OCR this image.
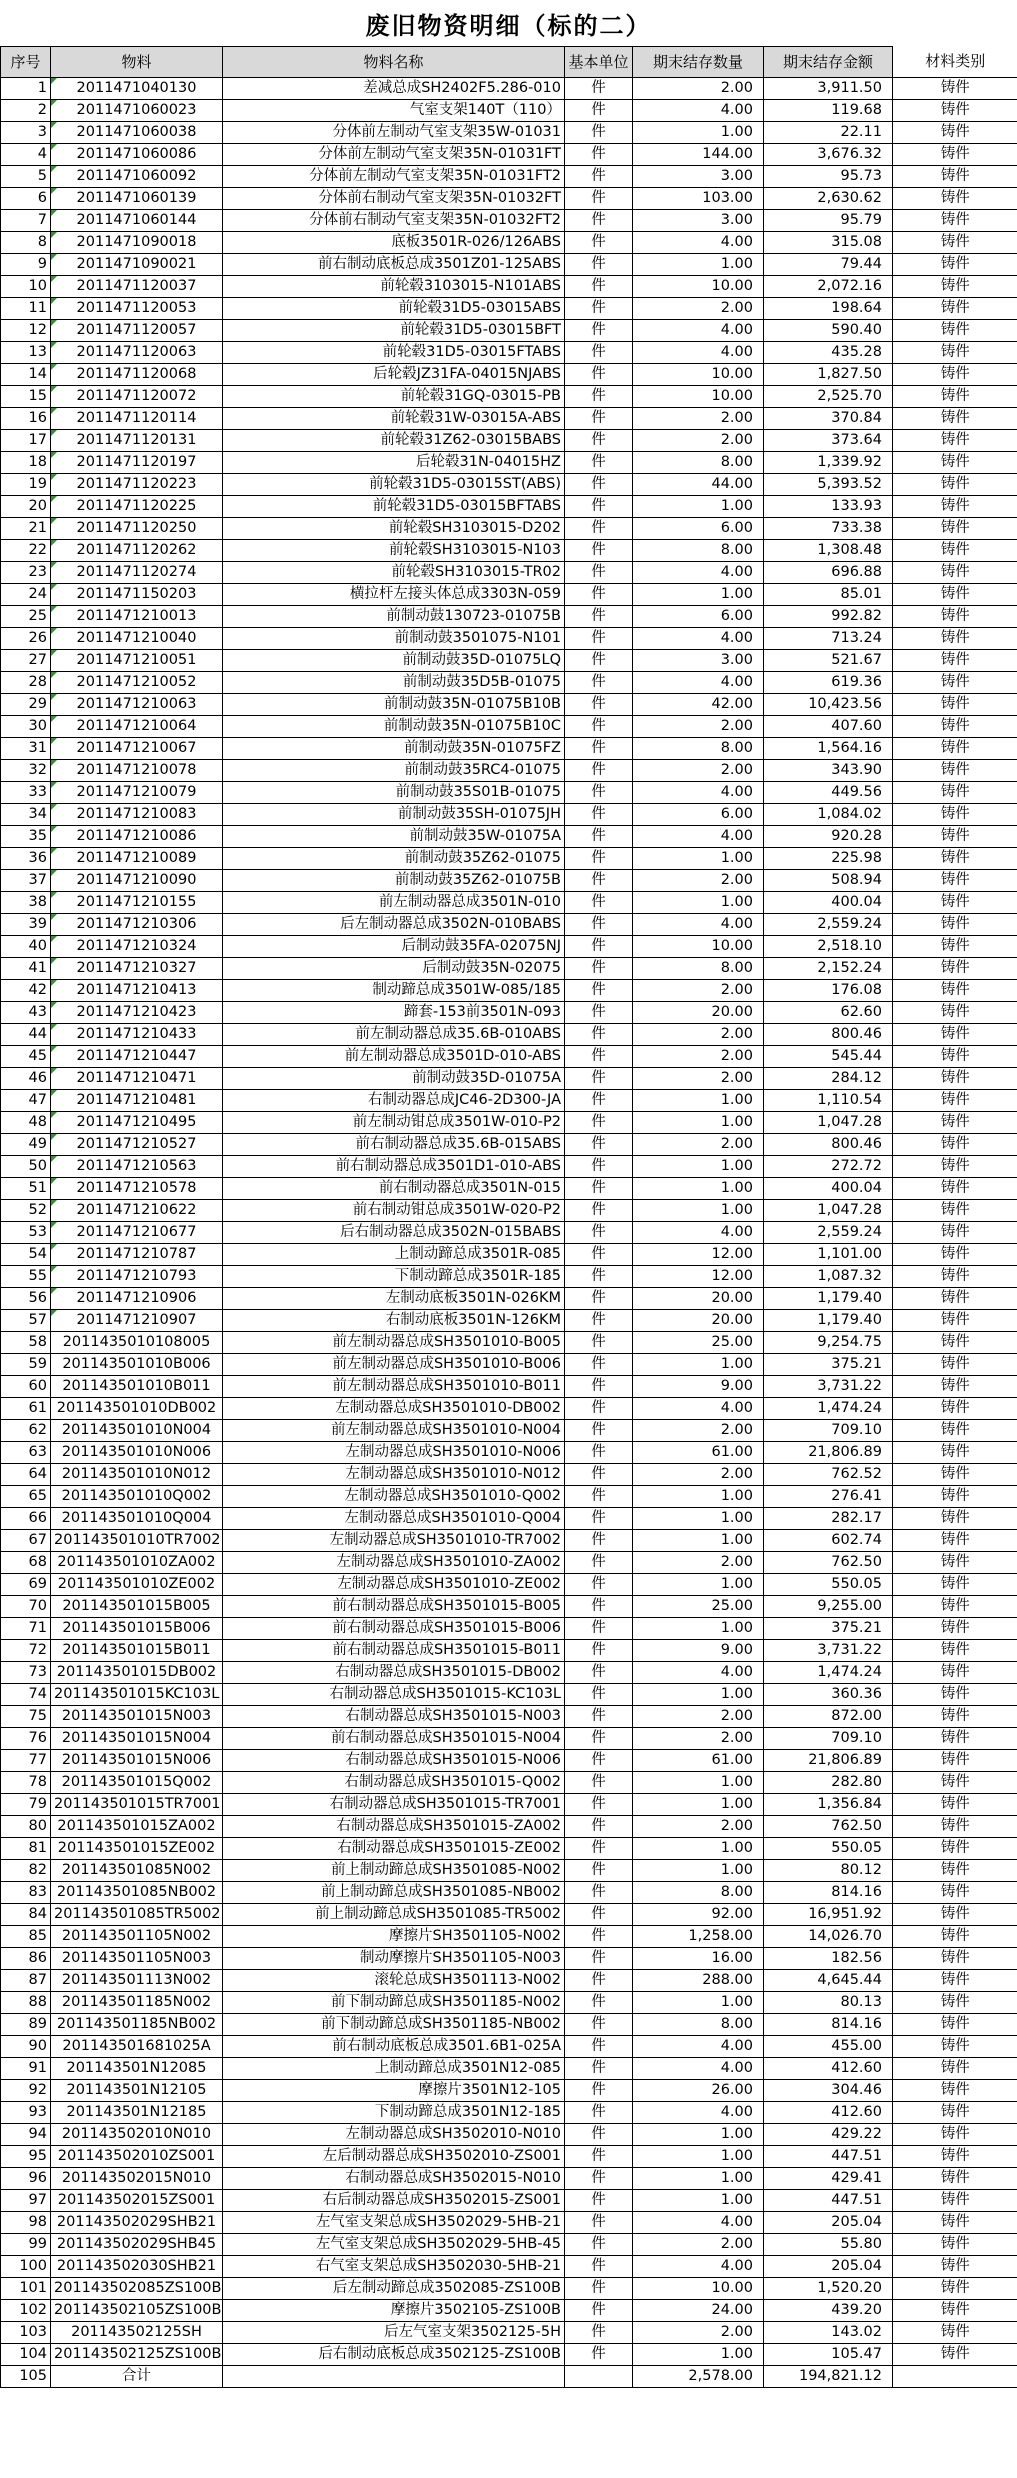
废旧物资明细（标的二）
序号	物料	物料名称	基本单位	期末结存数量	期末结存金额	材料类别
1	2011471040130	差减总成SH2402F5.286-010	件	2.00	3,911.50	铸件
2	2011471060023	气室支架140T（110）	件	4.00	119.68	铸件
3	2011471060038	分体前左制动气室支架35W-01031	件	1.00	22.11	铸件
4	2011471060086	分体前左制动气室支架35N-01031FT	件	144.00	3,676.32	铸件
5	2011471060092	分体前左制动气室支架35N-01031FT2	件	3.00	95.73	铸件
6	2011471060139	分体前右制动气室支架35N-01032FT	件	103.00	2,630.62	铸件
7	2011471060144	分体前右制动气室支架35N-01032FT2	件	3.00	95.79	铸件
8	2011471090018	底板3501R-026/126ABS	件	4.00	315.08	铸件
9	2011471090021	前右制动底板总成3501Z01-125ABS	件	1.00	79.44	铸件
10	2011471120037	前轮毂3103015-N101ABS	件	10.00	2,072.16	铸件
11	2011471120053	前轮毂31D5-03015ABS	件	2.00	198.64	铸件
12	2011471120057	前轮毂31D5-03015BFT	件	4.00	590.40	铸件
13	2011471120063	前轮毂31D5-03015FTABS	件	4.00	435.28	铸件
14	2011471120068	后轮毂JZ31FA-04015NJABS	件	10.00	1,827.50	铸件
15	2011471120072	前轮毂31GQ-03015-PB	件	10.00	2,525.70	铸件
16	2011471120114	前轮毂31W-03015A-ABS	件	2.00	370.84	铸件
17	2011471120131	前轮毂31Z62-03015BABS	件	2.00	373.64	铸件
18	2011471120197	后轮毂31N-04015HZ	件	8.00	1,339.92	铸件
19	2011471120223	前轮毂31D5-03015ST(ABS)	件	44.00	5,393.52	铸件
20	2011471120225	前轮毂31D5-03015BFTABS	件	1.00	133.93	铸件
21	2011471120250	前轮毂SH3103015-D202	件	6.00	733.38	铸件
22	2011471120262	前轮毂SH3103015-N103	件	8.00	1,308.48	铸件
23	2011471120274	前轮毂SH3103015-TR02	件	4.00	696.88	铸件
24	2011471150203	横拉杆左接头体总成3303N-059	件	1.00	85.01	铸件
25	2011471210013	前制动鼓130723-01075B	件	6.00	992.82	铸件
26	2011471210040	前制动鼓3501075-N101	件	4.00	713.24	铸件
27	2011471210051	前制动鼓35D-01075LQ	件	3.00	521.67	铸件
28	2011471210052	前制动鼓35D5B-01075	件	4.00	619.36	铸件
29	2011471210063	前制动鼓35N-01075B10B	件	42.00	10,423.56	铸件
30	2011471210064	前制动鼓35N-01075B10C	件	2.00	407.60	铸件
31	2011471210067	前制动鼓35N-01075FZ	件	8.00	1,564.16	铸件
32	2011471210078	前制动鼓35RC4-01075	件	2.00	343.90	铸件
33	2011471210079	前制动鼓35S01B-01075	件	4.00	449.56	铸件
34	2011471210083	前制动鼓35SH-01075JH	件	6.00	1,084.02	铸件
35	2011471210086	前制动鼓35W-01075A	件	4.00	920.28	铸件
36	2011471210089	前制动鼓35Z62-01075	件	1.00	225.98	铸件
37	2011471210090	前制动鼓35Z62-01075B	件	2.00	508.94	铸件
38	2011471210155	前左制动器总成3501N-010	件	1.00	400.04	铸件
39	2011471210306	后左制动器总成3502N-010BABS	件	4.00	2,559.24	铸件
40	2011471210324	后制动鼓35FA-02075NJ	件	10.00	2,518.10	铸件
41	2011471210327	后制动鼓35N-02075	件	8.00	2,152.24	铸件
42	2011471210413	制动蹄总成3501W-085/185	件	2.00	176.08	铸件
43	2011471210423	蹄套-153前3501N-093	件	20.00	62.60	铸件
44	2011471210433	前左制动器总成35.6B-010ABS	件	2.00	800.46	铸件
45	2011471210447	前左制动器总成3501D-010-ABS	件	2.00	545.44	铸件
46	2011471210471	前制动鼓35D-01075A	件	2.00	284.12	铸件
47	2011471210481	右制动器总成JC46-2D300-JA	件	1.00	1,110.54	铸件
48	2011471210495	前左制动钳总成3501W-010-P2	件	1.00	1,047.28	铸件
49	2011471210527	前右制动器总成35.6B-015ABS	件	2.00	800.46	铸件
50	2011471210563	前右制动器总成3501D1-010-ABS	件	1.00	272.72	铸件
51	2011471210578	前右制动器总成3501N-015	件	1.00	400.04	铸件
52	2011471210622	前右制动钳总成3501W-020-P2	件	1.00	1,047.28	铸件
53	2011471210677	后右制动器总成3502N-015BABS	件	4.00	2,559.24	铸件
54	2011471210787	上制动蹄总成3501R-085	件	12.00	1,101.00	铸件
55	2011471210793	下制动蹄总成3501R-185	件	12.00	1,087.32	铸件
56	2011471210906	左制动底板3501N-026KM	件	20.00	1,179.40	铸件
57	2011471210907	右制动底板3501N-126KM	件	20.00	1,179.40	铸件
58	2011435010108005	前左制动器总成SH3501010-B005	件	25.00	9,254.75	铸件
59	201143501010B006	前左制动器总成SH3501010-B006	件	1.00	375.21	铸件
60	201143501010B011	前左制动器总成SH3501010-B011	件	9.00	3,731.22	铸件
61	201143501010DB002	左制动器总成SH3501010-DB002	件	4.00	1,474.24	铸件
62	201143501010N004	前左制动器总成SH3501010-N004	件	2.00	709.10	铸件
63	201143501010N006	左制动器总成SH3501010-N006	件	61.00	21,806.89	铸件
64	201143501010N012	左制动器总成SH3501010-N012	件	2.00	762.52	铸件
65	201143501010Q002	左制动器总成SH3501010-Q002	件	1.00	276.41	铸件
66	201143501010Q004	左制动器总成SH3501010-Q004	件	1.00	282.17	铸件
67	201143501010TR7002	左制动器总成SH3501010-TR7002	件	1.00	602.74	铸件
68	201143501010ZA002	左制动器总成SH3501010-ZA002	件	2.00	762.50	铸件
69	201143501010ZE002	左制动器总成SH3501010-ZE002	件	1.00	550.05	铸件
70	201143501015B005	前右制动器总成SH3501015-B005	件	25.00	9,255.00	铸件
71	201143501015B006	前右制动器总成SH3501015-B006	件	1.00	375.21	铸件
72	201143501015B011	前右制动器总成SH3501015-B011	件	9.00	3,731.22	铸件
73	201143501015DB002	右制动器总成SH3501015-DB002	件	4.00	1,474.24	铸件
74	201143501015KC103L	右制动器总成SH3501015-KC103L	件	1.00	360.36	铸件
75	201143501015N003	右制动器总成SH3501015-N003	件	2.00	872.00	铸件
76	201143501015N004	前右制动器总成SH3501015-N004	件	2.00	709.10	铸件
77	201143501015N006	右制动器总成SH3501015-N006	件	61.00	21,806.89	铸件
78	201143501015Q002	右制动器总成SH3501015-Q002	件	1.00	282.80	铸件
79	201143501015TR7001	右制动器总成SH3501015-TR7001	件	1.00	1,356.84	铸件
80	201143501015ZA002	右制动器总成SH3501015-ZA002	件	2.00	762.50	铸件
81	201143501015ZE002	右制动器总成SH3501015-ZE002	件	1.00	550.05	铸件
82	201143501085N002	前上制动蹄总成SH3501085-N002	件	1.00	80.12	铸件
83	201143501085NB002	前上制动蹄总成SH3501085-NB002	件	8.00	814.16	铸件
84	201143501085TR5002	前上制动蹄总成SH3501085-TR5002	件	92.00	16,951.92	铸件
85	201143501105N002	摩擦片SH3501105-N002	件	1,258.00	14,026.70	铸件
86	201143501105N003	制动摩擦片SH3501105-N003	件	16.00	182.56	铸件
87	201143501113N002	滚轮总成SH3501113-N002	件	288.00	4,645.44	铸件
88	201143501185N002	前下制动蹄总成SH3501185-N002	件	1.00	80.13	铸件
89	201143501185NB002	前下制动蹄总成SH3501185-NB002	件	8.00	814.16	铸件
90	201143501681025A	前右制动底板总成3501.6B1-025A	件	4.00	455.00	铸件
91	201143501N12085	上制动蹄总成3501N12-085	件	4.00	412.60	铸件
92	201143501N12105	摩擦片3501N12-105	件	26.00	304.46	铸件
93	201143501N12185	下制动蹄总成3501N12-185	件	4.00	412.60	铸件
94	201143502010N010	左制动器总成SH3502010-N010	件	1.00	429.22	铸件
95	201143502010ZS001	左后制动器总成SH3502010-ZS001	件	1.00	447.51	铸件
96	201143502015N010	右制动器总成SH3502015-N010	件	1.00	429.41	铸件
97	201143502015ZS001	右后制动器总成SH3502015-ZS001	件	1.00	447.51	铸件
98	201143502029SHB21	左气室支架总成SH3502029-5HB-21	件	4.00	205.04	铸件
99	201143502029SHB45	左气室支架总成SH3502029-5HB-45	件	2.00	55.80	铸件
100	201143502030SHB21	右气室支架总成SH3502030-5HB-21	件	4.00	205.04	铸件
101	201143502085ZS100B	后左制动蹄总成3502085-ZS100B	件	10.00	1,520.20	铸件
102	201143502105ZS100B	摩擦片3502105-ZS100B	件	24.00	439.20	铸件
103	201143502125SH	后左气室支架3502125-5H	件	2.00	143.02	铸件
104	201143502125ZS100B	后右制动底板总成3502125-ZS100B	件	1.00	105.47	铸件
105	合计			2,578.00	194,821.12	
